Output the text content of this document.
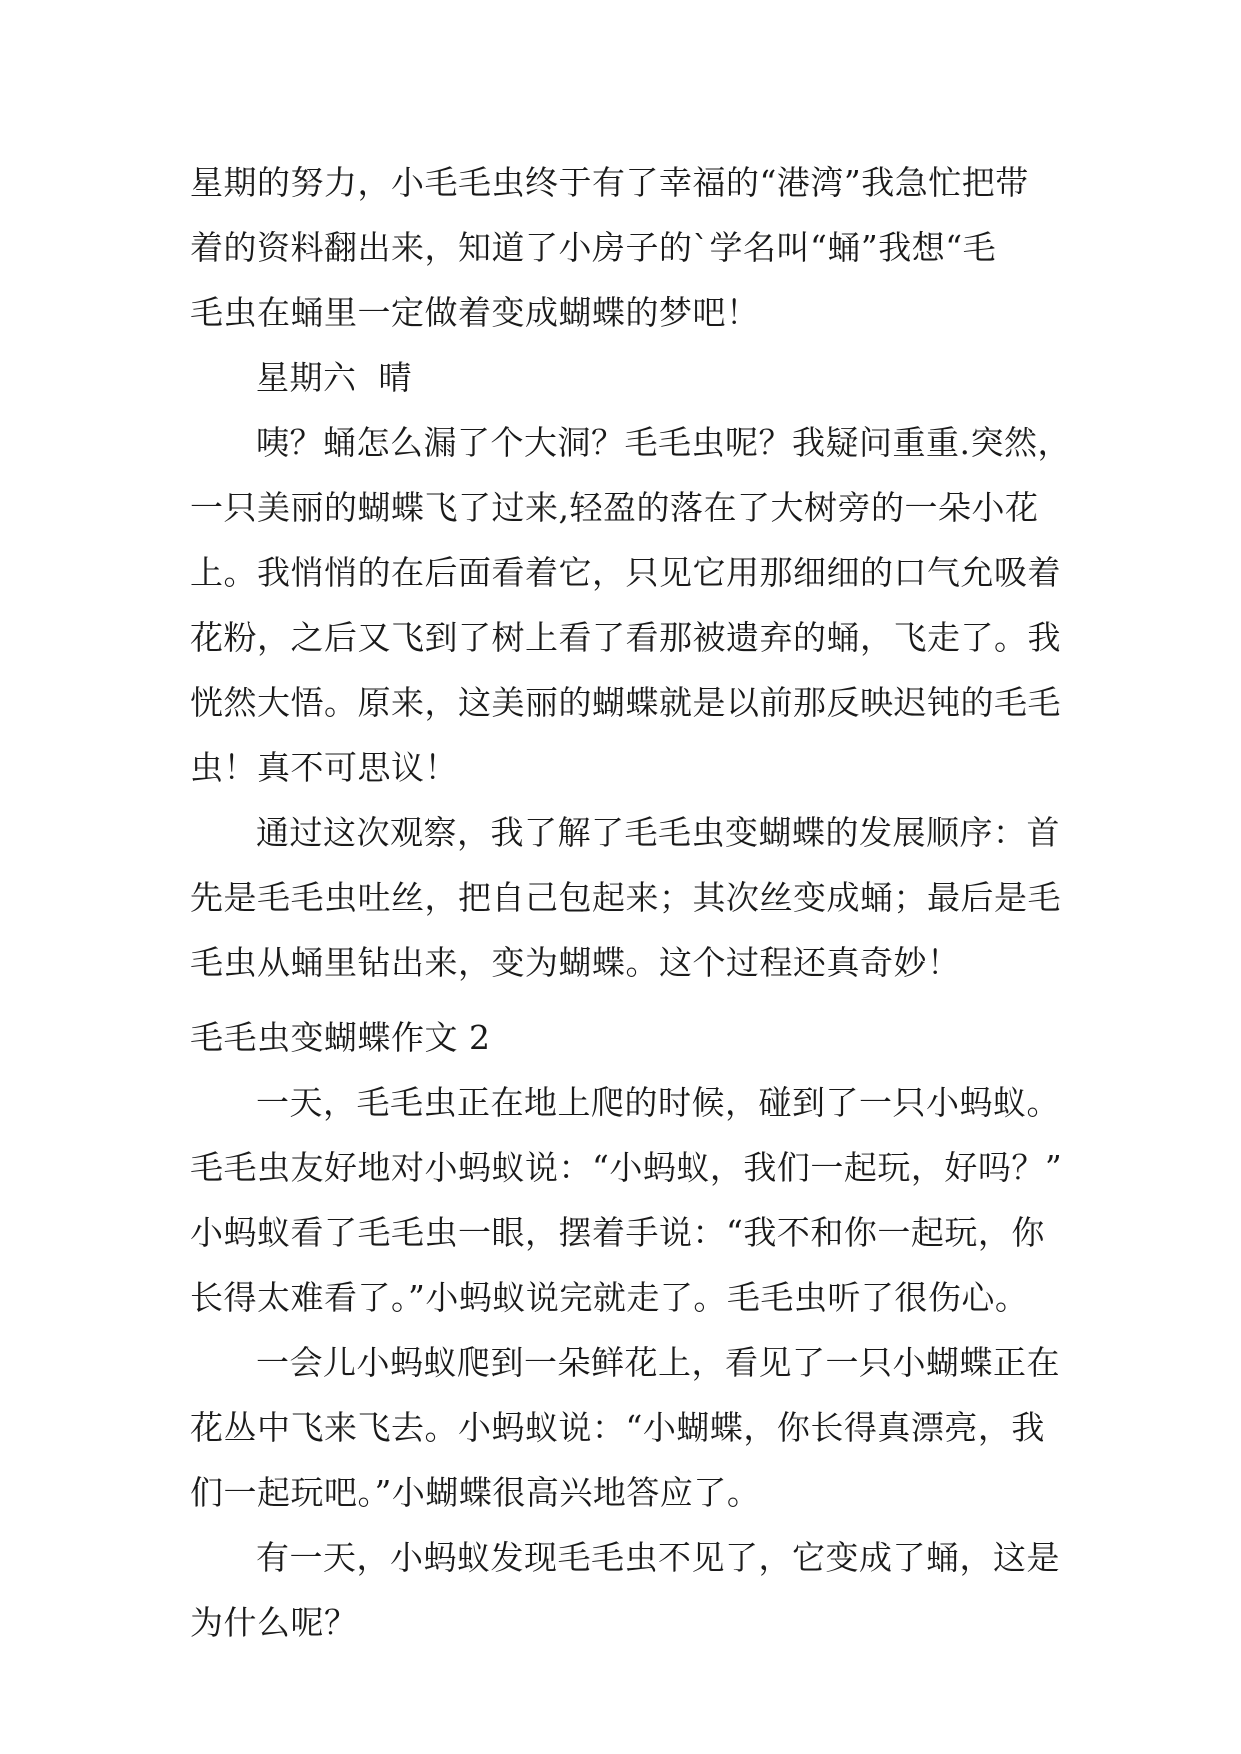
星期的努力，小毛毛虫终于有了幸福的“港湾”我急忙把带
着的资料翻出来，知道了小房子的`学名叫“蛹”我想“毛
毛虫在蛹里一定做着变成蝴蝶的梦吧！
星期六  晴
咦？蛹怎么漏了个大洞？毛毛虫呢？我疑问重重.突然，
一只美丽的蝴蝶飞了过来,轻盈的落在了大树旁的一朵小花
上。我悄悄的在后面看着它，只见它用那细细的口气允吸着
花粉，之后又飞到了树上看了看那被遗弃的蛹，飞走了。我
恍然大悟。原来，这美丽的蝴蝶就是以前那反映迟钝的毛毛
虫！真不可思议！
通过这次观察，我了解了毛毛虫变蝴蝶的发展顺序：首
先是毛毛虫吐丝，把自己包起来；其次丝变成蛹；最后是毛
毛虫从蛹里钻出来，变为蝴蝶。这个过程还真奇妙！
毛毛虫变蝴蝶作文 2
一天，毛毛虫正在地上爬的时候，碰到了一只小蚂蚁。
毛毛虫友好地对小蚂蚁说：“小蚂蚁，我们一起玩，好吗？”
小蚂蚁看了毛毛虫一眼，摆着手说：“我不和你一起玩，你
长得太难看了。”小蚂蚁说完就走了。毛毛虫听了很伤心。
一会儿小蚂蚁爬到一朵鲜花上，看见了一只小蝴蝶正在
花丛中飞来飞去。小蚂蚁说：“小蝴蝶，你长得真漂亮，我
们一起玩吧。”小蝴蝶很高兴地答应了。
有一天，小蚂蚁发现毛毛虫不见了，它变成了蛹，这是
为什么呢？
